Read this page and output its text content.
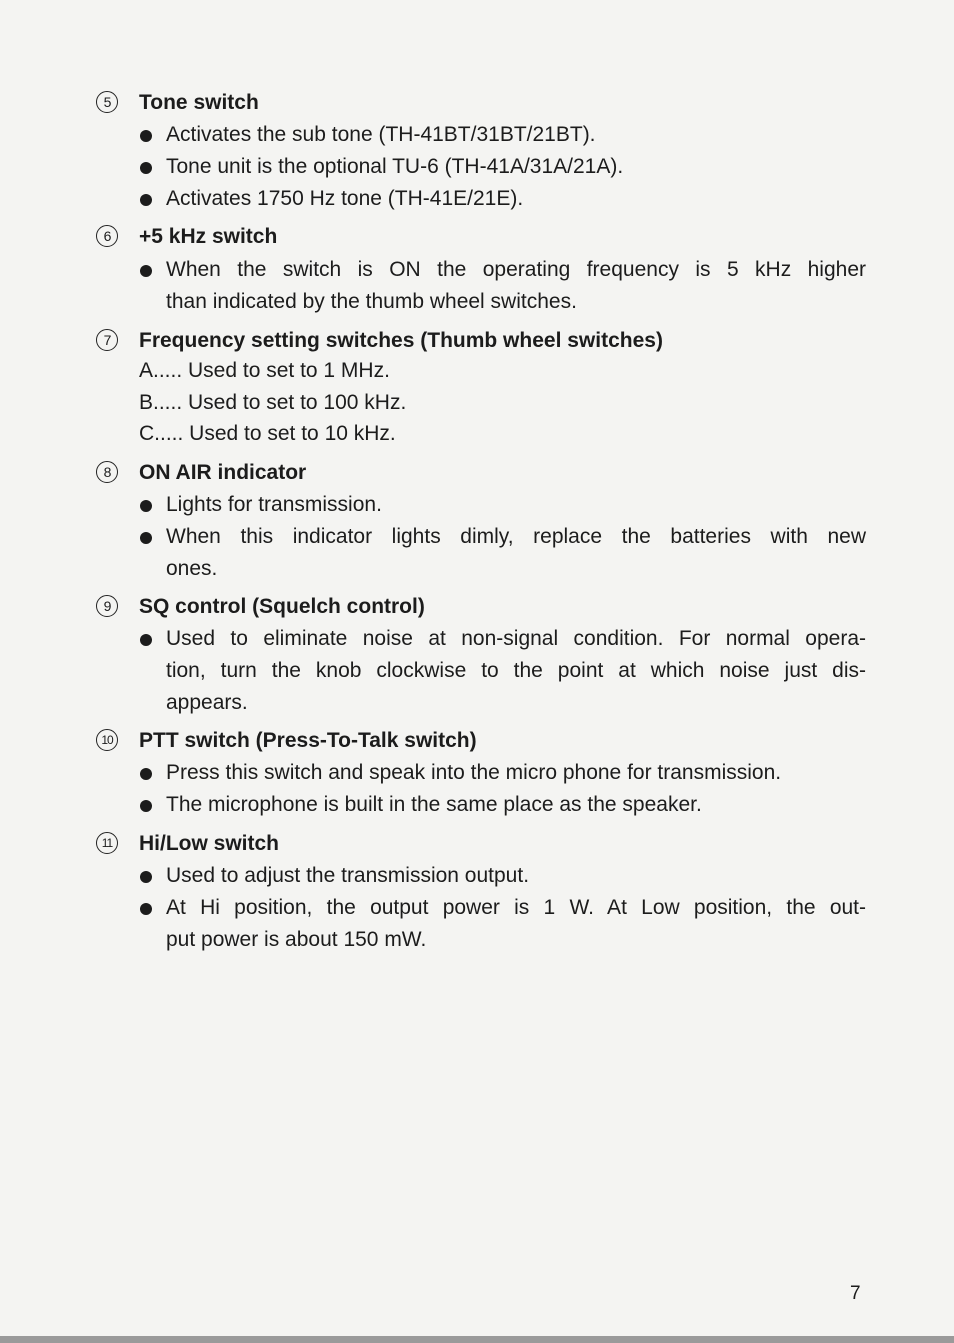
5	Tone switch
Activates the sub tone (TH-41BT/31BT/21BT).
Tone unit is the optional TU-6 (TH-41A/31A/21A).
Activates 1750 Hz tone (TH-41E/21E).
6	+5 kHz switch
When the switch is ON the operating frequency is 5 kHz higher
than indicated by the thumb wheel switches.
7	Frequency setting switches (Thumb wheel switches)
A..... Used to set to 1 MHz.
B..... Used to set to 100 kHz.
C..... Used to set to 10 kHz.
8	ON AIR indicator
Lights for transmission.
When this indicator lights dimly, replace the batteries with new
ones.
9	SQ control (Squelch control)
Used to eliminate noise at non-signal condition. For normal opera-
tion, turn the knob clockwise to the point at which noise just dis-
appears.
10 PTT switch (Press-To-Talk switch)
Press this switch and speak into the micro phone for transmission.
The microphone is built in the same place as the speaker.
11 Hi/Low switch
Used to adjust the transmission output.
At Hi position, the output power is 1 W. At Low position, the out-
put power is about 150 mW.
7
